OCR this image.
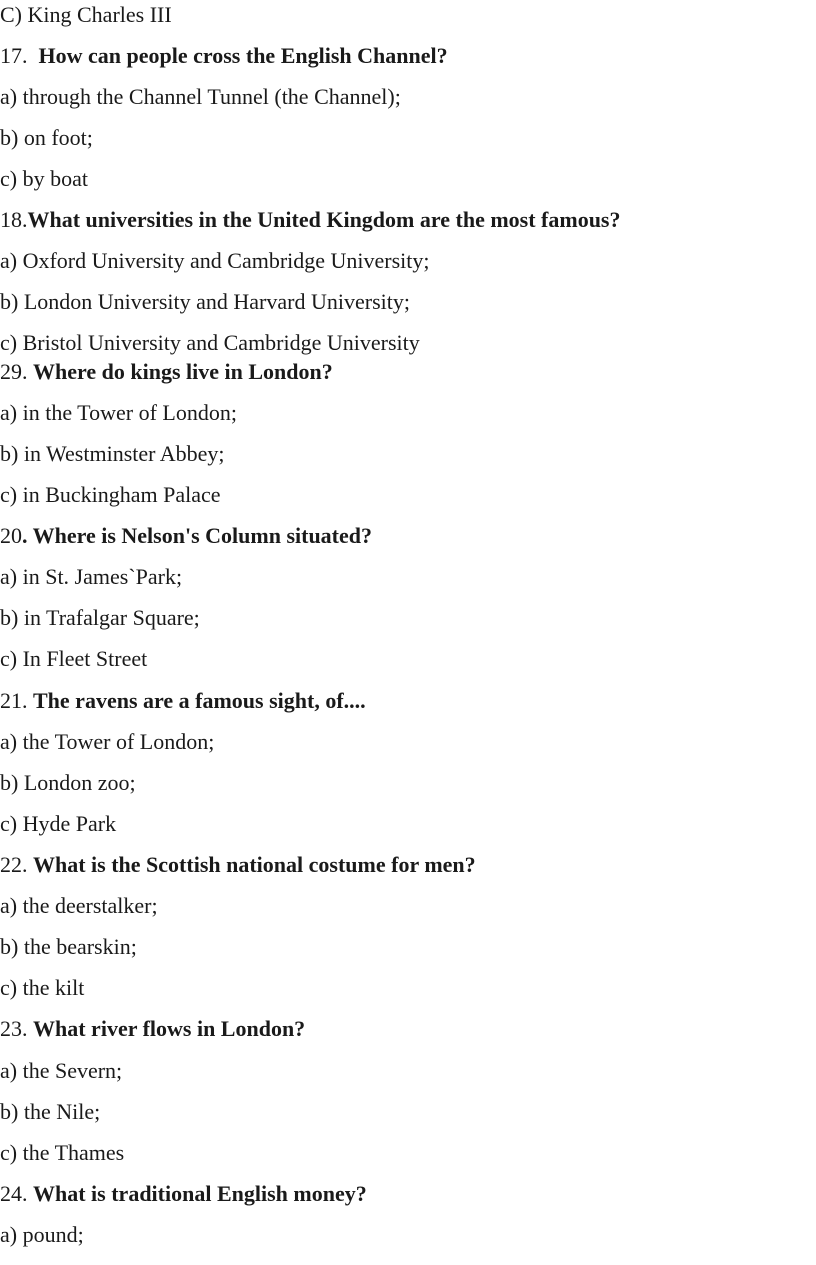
C) King Charles III
17.  How can people cross the English Channel?
a) through the Channel Tunnel (the Channel);
b) on foot;
c) by boat
18.What universities in the United Kingdom are the most famous?
a) Oxford University and Cambridge University;
b) London University and Harvard University;
c) Bristol University and Cambridge University
29. Where do kings live in London?
a) in the Tower of London;
b) in Westminster Abbey;
c) in Buckingham Palace
20. Where is Nelson's Column situated?
a) in St. James`Park;
b) in Trafalgar Square;
c) In Fleet Street
21. The ravens are a famous sight, of....
a) the Tower of London;
b) London zoo;
c) Hyde Park
22. What is the Scottish national costume for men?
a) the deerstalker;
b) the bearskin;
c) the kilt
23. What river flows in London?
a) the Severn;
b) the Nile;
c) the Thames
24. What is traditional English money?
a) pound;
